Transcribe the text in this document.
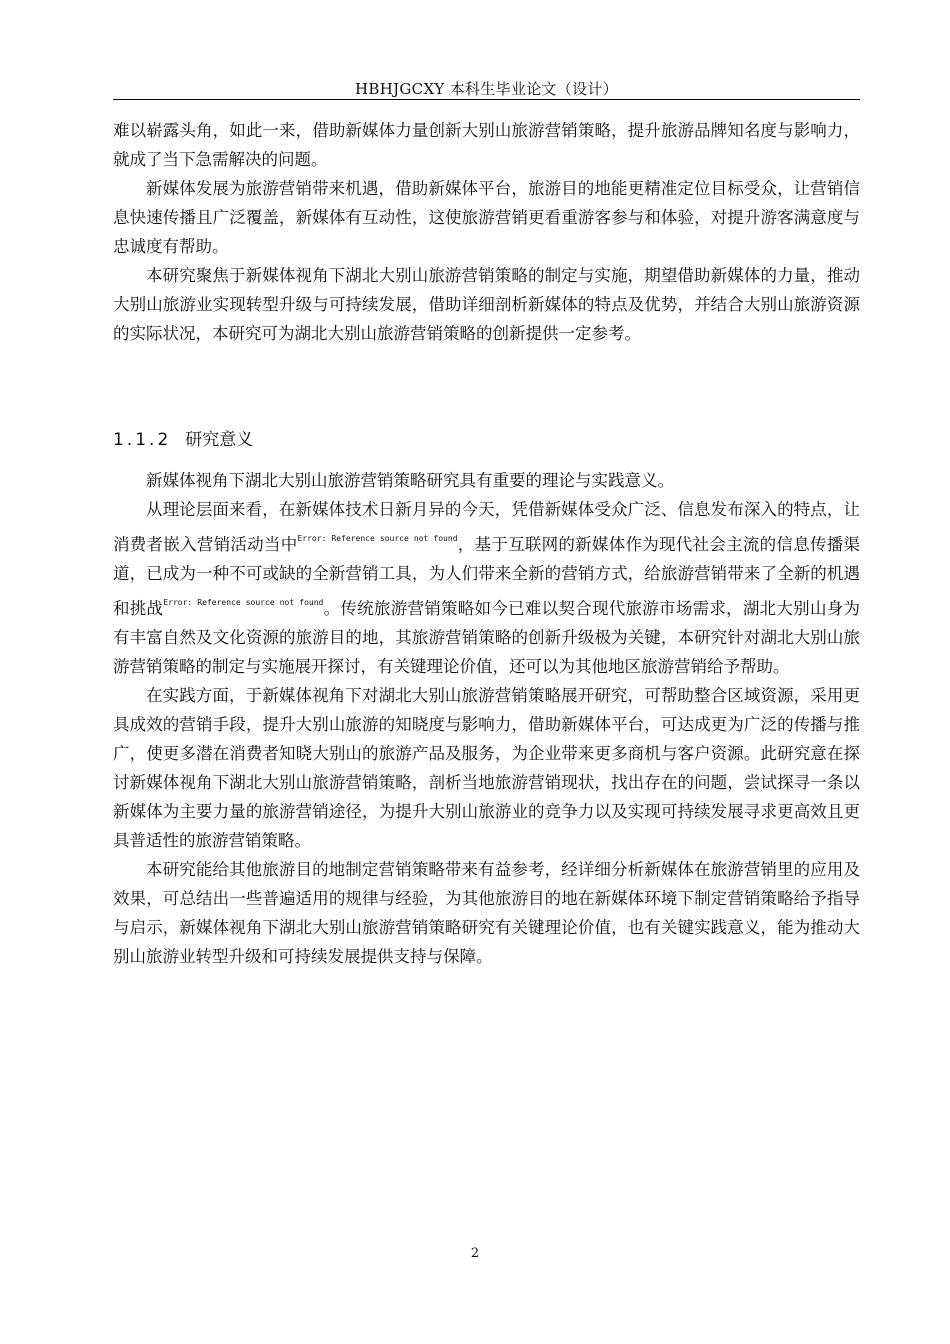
HBHJGCXY 本科生毕业论文（设计）

难以崭露头角，如此一来，借助新媒体力量创新大别山旅游营销策略，提升旅游品牌知名度与影响力，就成了当下急需解决的问题。

新媒体发展为旅游营销带来机遇，借助新媒体平台，旅游目的地能更精准定位目标受众，让营销信息快速传播且广泛覆盖，新媒体有互动性，这使旅游营销更看重游客参与和体验，对提升游客满意度与忠诚度有帮助。

本研究聚焦于新媒体视角下湖北大别山旅游营销策略的制定与实施，期望借助新媒体的力量，推动大别山旅游业实现转型升级与可持续发展，借助详细剖析新媒体的特点及优势，并结合大别山旅游资源的实际状况，本研究可为湖北大别山旅游营销策略的创新提供一定参考。

1.1.2 研究意义

新媒体视角下湖北大别山旅游营销策略研究具有重要的理论与实践意义。

从理论层面来看，在新媒体技术日新月异的今天，凭借新媒体受众广泛、信息发布深入的特点，让消费者嵌入营销活动当中$^{Error: Reference source not found}$，基于互联网的新媒体作为现代社会主流的信息传播渠道，已成为一种不可或缺的全新营销工具，为人们带来全新的营销方式，给旅游营销带来了全新的机遇和挑战$^{Error: Reference source not found}$。传统旅游营销策略如今已难以契合现代旅游市场需求，湖北大别山身为有丰富自然及文化资源的旅游目的地，其旅游营销策略的创新升级极为关键，本研究针对湖北大别山旅游营销策略的制定与实施展开探讨，有关键理论价值，还可以为其他地区旅游营销给予帮助。

在实践方面，于新媒体视角下对湖北大别山旅游营销策略展开研究，可帮助整合区域资源，采用更具成效的营销手段，提升大别山旅游的知晓度与影响力，借助新媒体平台，可达成更为广泛的传播与推广，使更多潜在消费者知晓大别山的旅游产品及服务，为企业带来更多商机与客户资源。此研究意在探讨新媒体视角下湖北大别山旅游营销策略，剖析当地旅游营销现状，找出存在的问题，尝试探寻一条以新媒体为主要力量的旅游营销途径，为提升大别山旅游业的竞争力以及实现可持续发展寻求更高效且更具普适性的旅游营销策略。

本研究能给其他旅游目的地制定营销策略带来有益参考，经详细分析新媒体在旅游营销里的应用及效果，可总结出一些普遍适用的规律与经验，为其他旅游目的地在新媒体环境下制定营销策略给予指导与启示，新媒体视角下湖北大别山旅游营销策略研究有关键理论价值，也有关键实践意义，能为推动大别山旅游业转型升级和可持续发展提供支持与保障。

2
